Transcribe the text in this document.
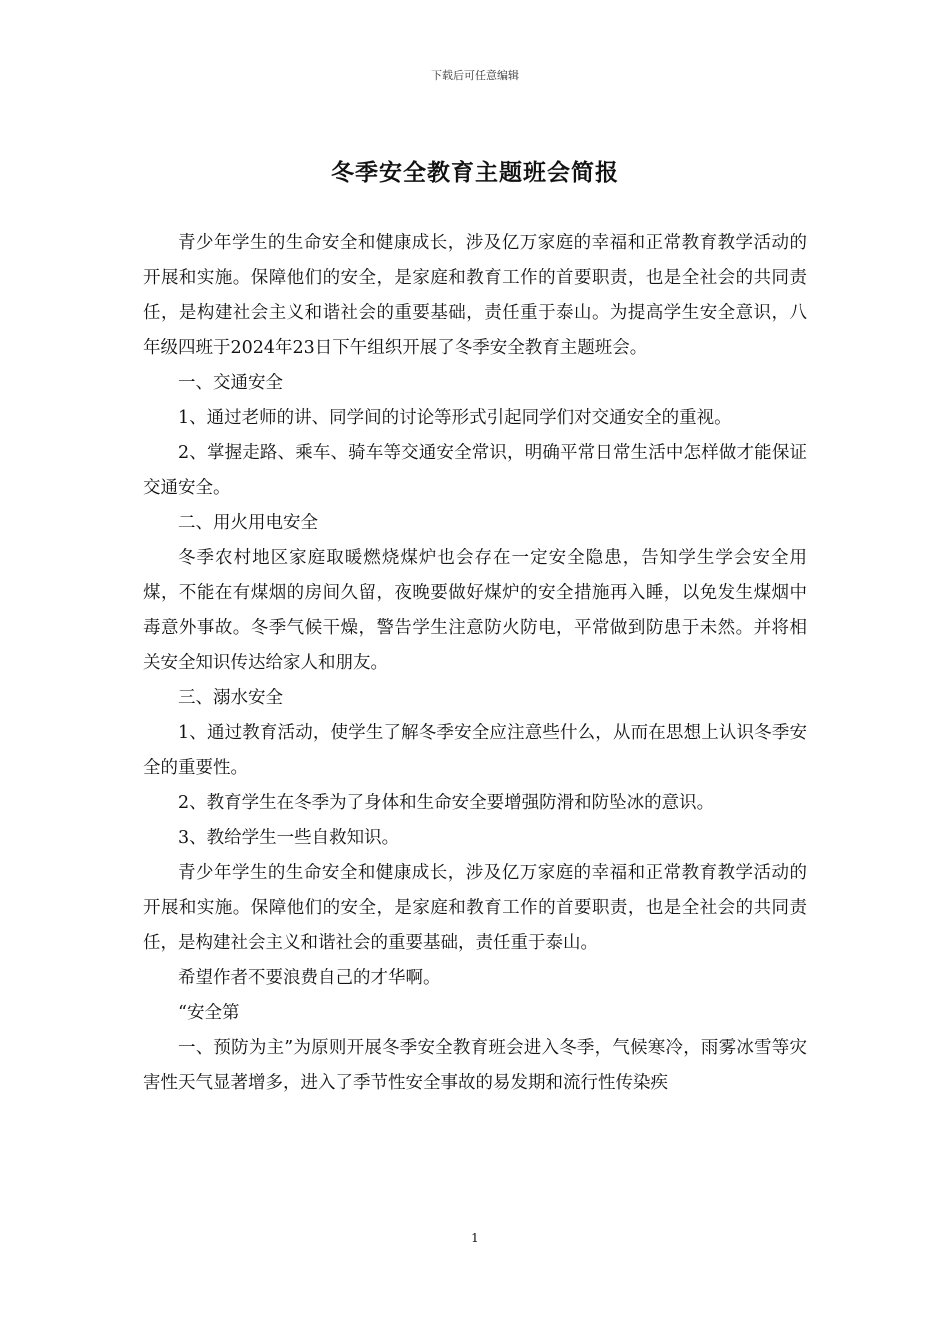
下载后可任意编辑
冬季安全教育主题班会简报

青少年学生的生命安全和健康成长，涉及亿万家庭的幸福和正常教育教学活动的开展和实施。保障他们的安全，是家庭和教育工作的首要职责，也是全社会的共同责任，是构建社会主义和谐社会的重要基础，责任重于泰山。为提高学生安全意识，八年级四班于2024年23日下午组织开展了冬季安全教育主题班会。

一、交通安全

1、通过老师的讲、同学间的讨论等形式引起同学们对交通安全的重视。

2、掌握走路、乘车、骑车等交通安全常识，明确平常日常生活中怎样做才能保证交通安全。

二、用火用电安全

冬季农村地区家庭取暖燃烧煤炉也会存在一定安全隐患，告知学生学会安全用煤，不能在有煤烟的房间久留，夜晚要做好煤炉的安全措施再入睡，以免发生煤烟中毒意外事故。冬季气候干燥，警告学生注意防火防电，平常做到防患于未然。并将相关安全知识传达给家人和朋友。

三、溺水安全

1、通过教育活动，使学生了解冬季安全应注意些什么，从而在思想上认识冬季安全的重要性。

2、教育学生在冬季为了身体和生命安全要增强防滑和防坠冰的意识。

3、教给学生一些自救知识。

青少年学生的生命安全和健康成长，涉及亿万家庭的幸福和正常教育教学活动的开展和实施。保障他们的安全，是家庭和教育工作的首要职责，也是全社会的共同责任，是构建社会主义和谐社会的重要基础，责任重于泰山。

希望作者不要浪费自己的才华啊。

“安全第

一、预防为主”为原则开展冬季安全教育班会进入冬季，气候寒冷，雨雾冰雪等灾害性天气显著增多，进入了季节性安全事故的易发期和流行性传染疾

1
